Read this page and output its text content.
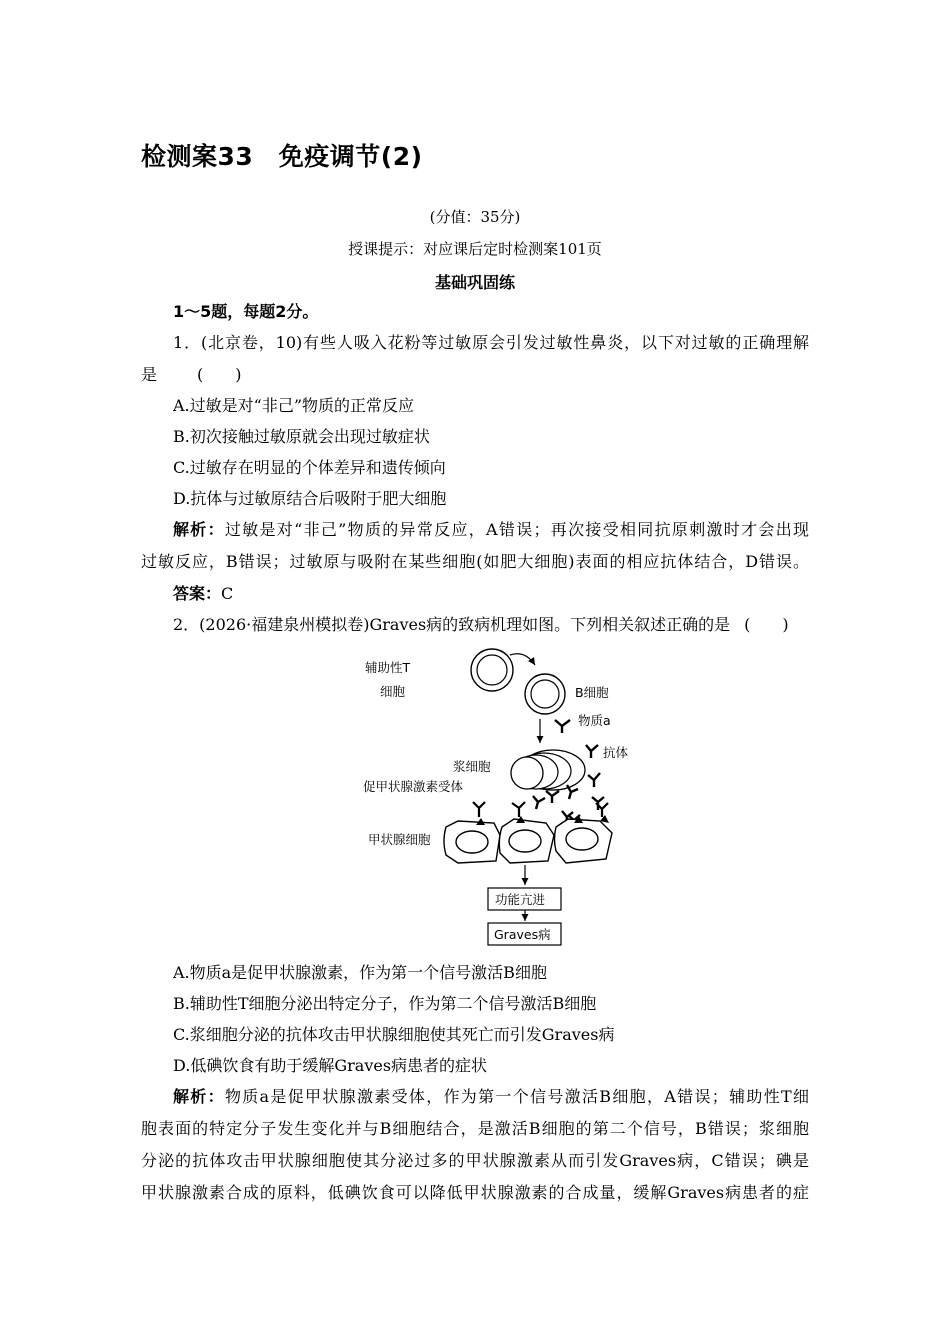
检测案33　免疫调节(2)
(分值：35分)
授课提示：对应课后定时检测案101页
基础巩固练
1～5题，每题2分。
1．(北京卷，10)有些人吸入花粉等过敏原会引发过敏性鼻炎，以下对过敏的正确理解
是	(　　)
A.过敏是对“非己”物质的正常反应
B.初次接触过敏原就会出现过敏症状
C.过敏存在明显的个体差异和遗传倾向
D.抗体与过敏原结合后吸附于肥大细胞
解析：过敏是对“非己”物质的异常反应，A错误；再次接受相同抗原刺激时才会出现
过敏反应，B错误；过敏原与吸附在某些细胞(如肥大细胞)表面的相应抗体结合，D错误。
答案：C
2．(2026·福建泉州模拟卷)Graves病的致病机理如图。下列相关叙述正确的是 (　　)
辅助性T
细胞	B细胞
物质a
浆细胞
抗体
促甲状腺激素受体
甲状腺细胞
功能亢进
Graves病
A.物质a是促甲状腺激素，作为第一个信号激活B细胞
B.辅助性T细胞分泌出特定分子，作为第二个信号激活B细胞
C.浆细胞分泌的抗体攻击甲状腺细胞使其死亡而引发Graves病
D.低碘饮食有助于缓解Graves病患者的症状
解析：物质a是促甲状腺激素受体，作为第一个信号激活B细胞，A错误；辅助性T细
胞表面的特定分子发生变化并与B细胞结合，是激活B细胞的第二个信号，B错误；浆细胞
分泌的抗体攻击甲状腺细胞使其分泌过多的甲状腺激素从而引发Graves病，C错误；碘是
甲状腺激素合成的原料，低碘饮食可以降低甲状腺激素的合成量，缓解Graves病患者的症
